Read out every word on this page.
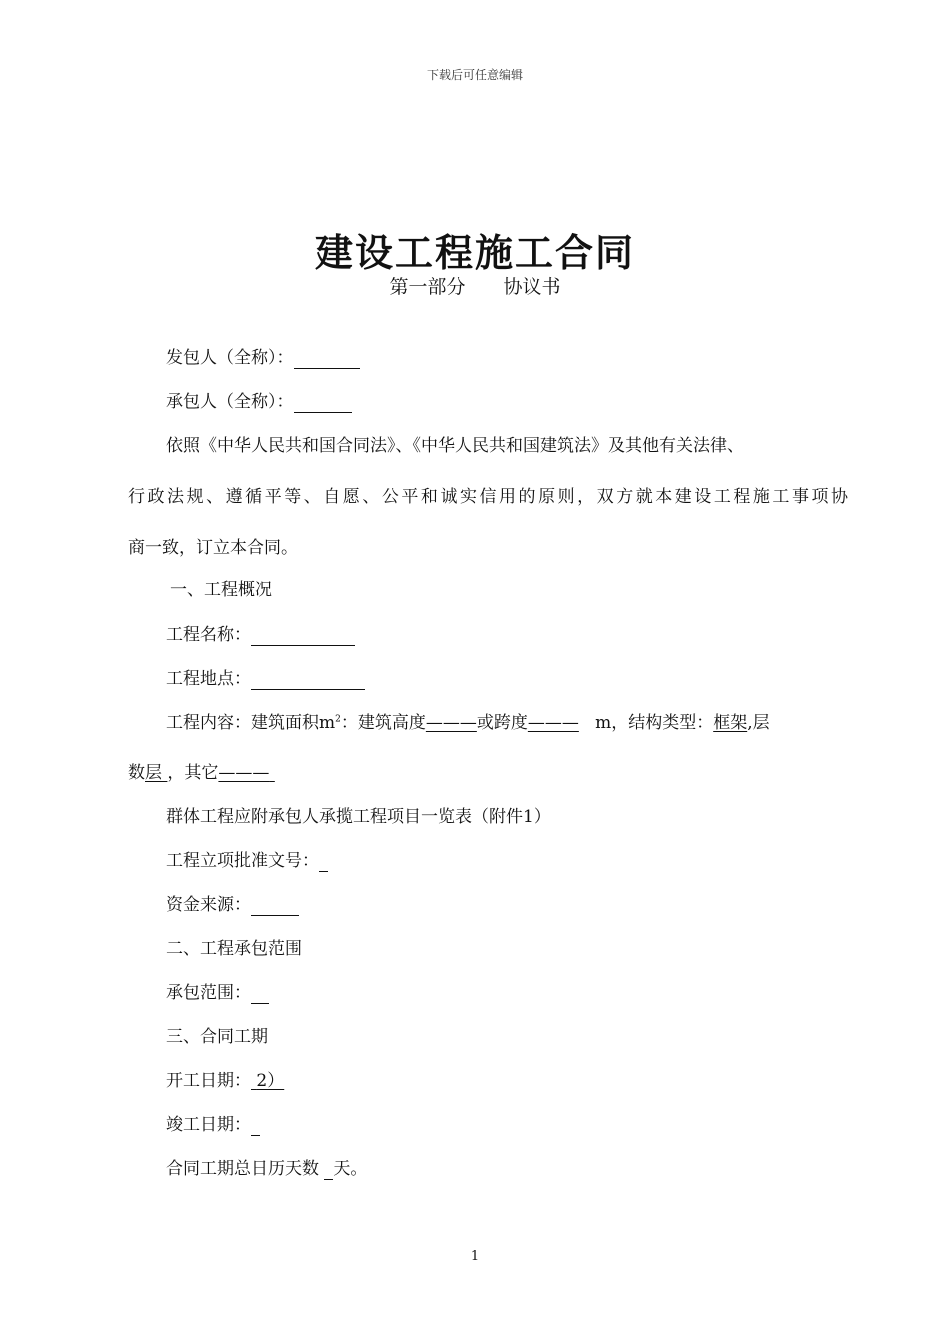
下载后可任意编辑
建设工程施工合同
第一部分 协议书
发包人（全称）：
承包人（全称）：
依照《中华人民共和国合同法》、《中华人民共和国建筑法》及其他有关法律、
行政法规、遵循平等、自愿、公平和诚实信用的原则，双方就本建设工程施工事项协
商一致，订立本合同。
一、工程概况
工程名称：
工程地点：
工程内容：建筑面积$m^2$：建筑高度———或跨度——— m，结构类型：框架,层
数层 ，其它———
群体工程应附承包人承揽工程项目一览表（附件1）
工程立项批准文号：
资金来源：
二、工程承包范围
承包范围：
三、合同工期
开工日期： 2）
竣工日期：
合同工期总日历天数 天。
1
